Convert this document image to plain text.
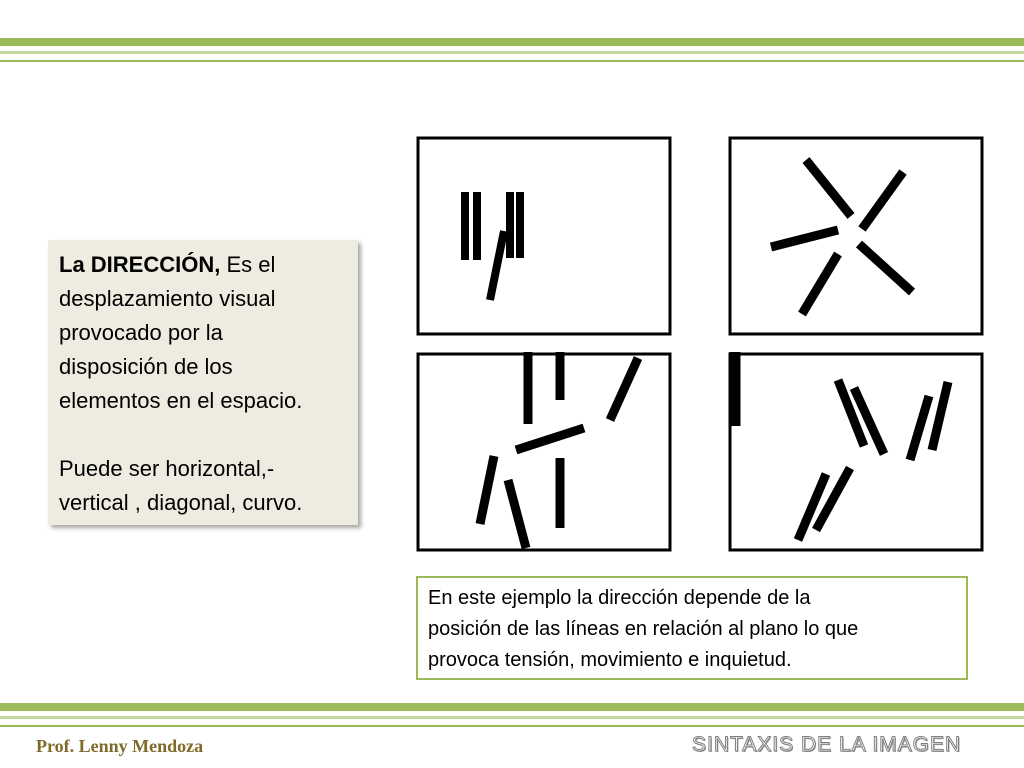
La DIRECCIÓN, Es el

desplazamiento visual

provocado por la

disposición de los

elementos en el espacio.

Puede ser horizontal,-

vertical , diagonal, curvo.

En este ejemplo la dirección depende de la

posición de las líneas en relación al plano lo que

provoca tensión, movimiento e inquietud.

Prof. Lenny Mendoza	SINTAXIS DE LA IMAGEN
